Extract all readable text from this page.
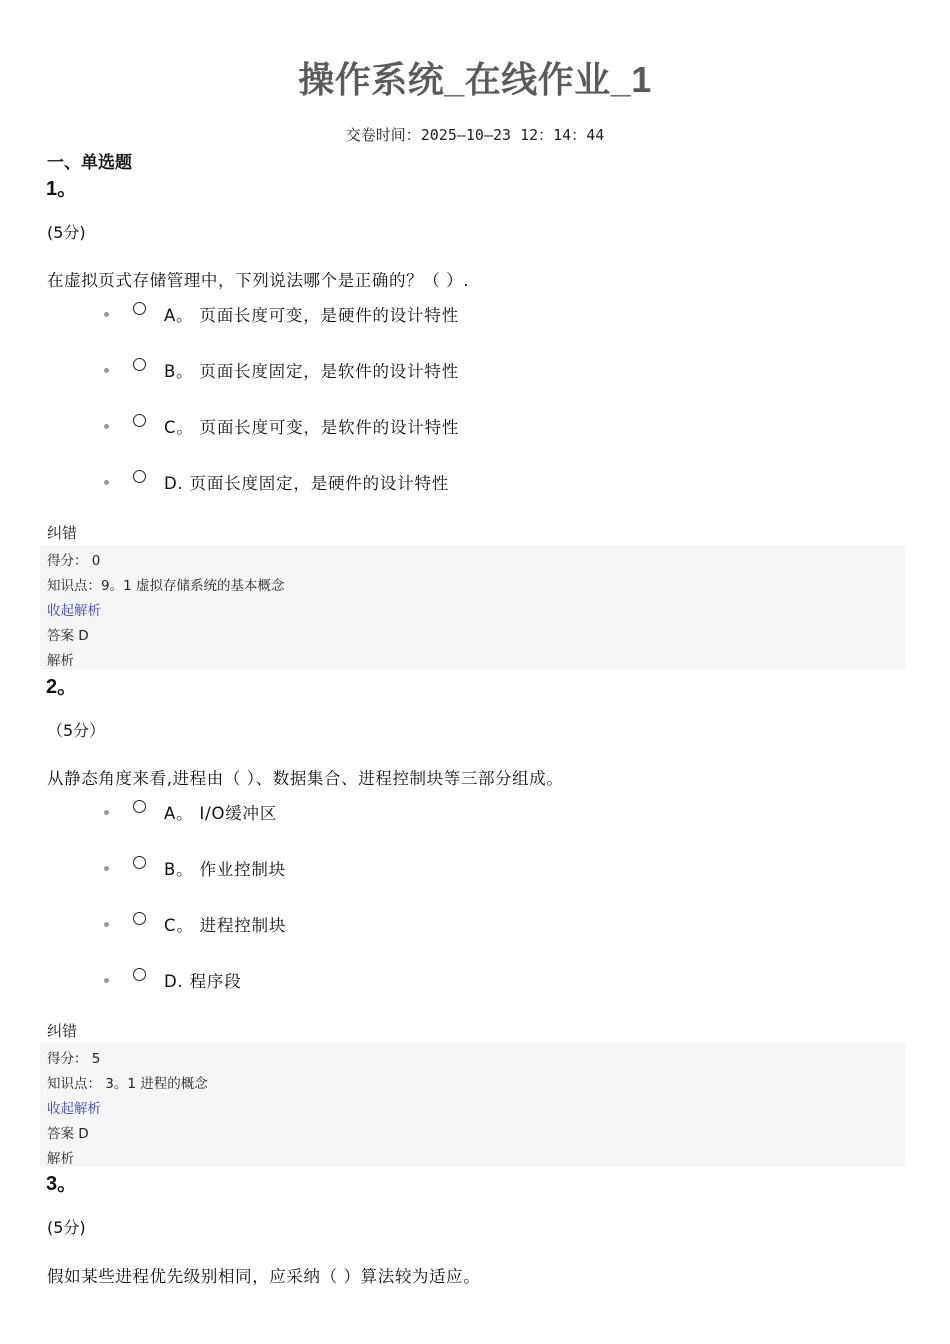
操作系统_在线作业_1
交卷时间：2025—10—23 12：14：44
一、单选题
1。
(5分)
在虚拟页式存储管理中，下列说法哪个是正确的？（ ）.
A。 页面长度可变，是硬件的设计特性
B。 页面长度固定，是软件的设计特性
C。 页面长度可变，是软件的设计特性
D. 页面长度固定，是硬件的设计特性
纠错
得分： 0
知识点：9。1 虚拟存储系统的基本概念
收起解析
答案 D
解析
2。
（5分）
从静态角度来看,进程由（ ）、数据集合、进程控制块等三部分组成。
A。 I/O缓冲区
B。 作业控制块
C。 进程控制块
D. 程序段
纠错
得分： 5
知识点： 3。1 进程的概念
收起解析
答案 D
解析
3。
(5分)
假如某些进程优先级别相同，应采纳（ ）算法较为适应。
